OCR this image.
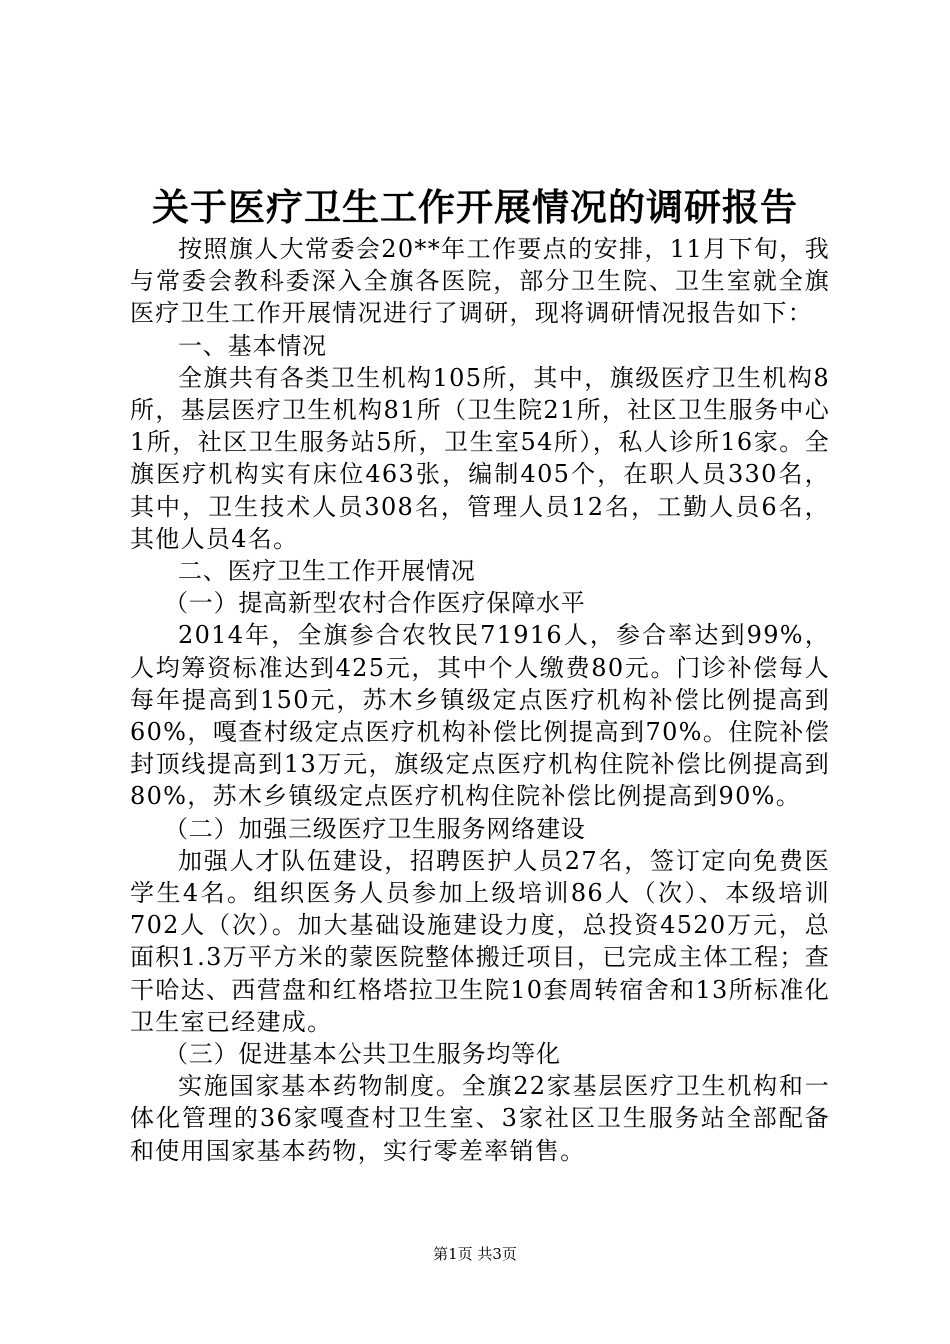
关于医疗卫生工作开展情况的调研报告

按照旗人大常委会20**年工作要点的安排，11月下旬，我与常委会教科委深入全旗各医院，部分卫生院、卫生室就全旗医疗卫生工作开展情况进行了调研，现将调研情况报告如下：

一、基本情况

全旗共有各类卫生机构105所，其中，旗级医疗卫生机构8所，基层医疗卫生机构81所（卫生院21所，社区卫生服务中心1所，社区卫生服务站5所，卫生室54所），私人诊所16家。全旗医疗机构实有床位463张，编制405个，在职人员330名，其中，卫生技术人员308名，管理人员12名，工勤人员6名，其他人员4名。

二、医疗卫生工作开展情况

（一）提高新型农村合作医疗保障水平

2014年，全旗参合农牧民71916人，参合率达到99%，人均筹资标准达到425元，其中个人缴费80元。门诊补偿每人每年提高到150元，苏木乡镇级定点医疗机构补偿比例提高到60%，嘎查村级定点医疗机构补偿比例提高到70%。住院补偿封顶线提高到13万元，旗级定点医疗机构住院补偿比例提高到80%，苏木乡镇级定点医疗机构住院补偿比例提高到90%。

（二）加强三级医疗卫生服务网络建设

加强人才队伍建设，招聘医护人员27名，签订定向免费医学生4名。组织医务人员参加上级培训86人（次）、本级培训702人（次）。加大基础设施建设力度，总投资4520万元，总面积1.3万平方米的蒙医院整体搬迁项目，已完成主体工程；查干哈达、西营盘和红格塔拉卫生院10套周转宿舍和13所标准化卫生室已经建成。

（三）促进基本公共卫生服务均等化

实施国家基本药物制度。全旗22家基层医疗卫生机构和一体化管理的36家嘎查村卫生室、3家社区卫生服务站全部配备和使用国家基本药物，实行零差率销售。

第1页 共3页
